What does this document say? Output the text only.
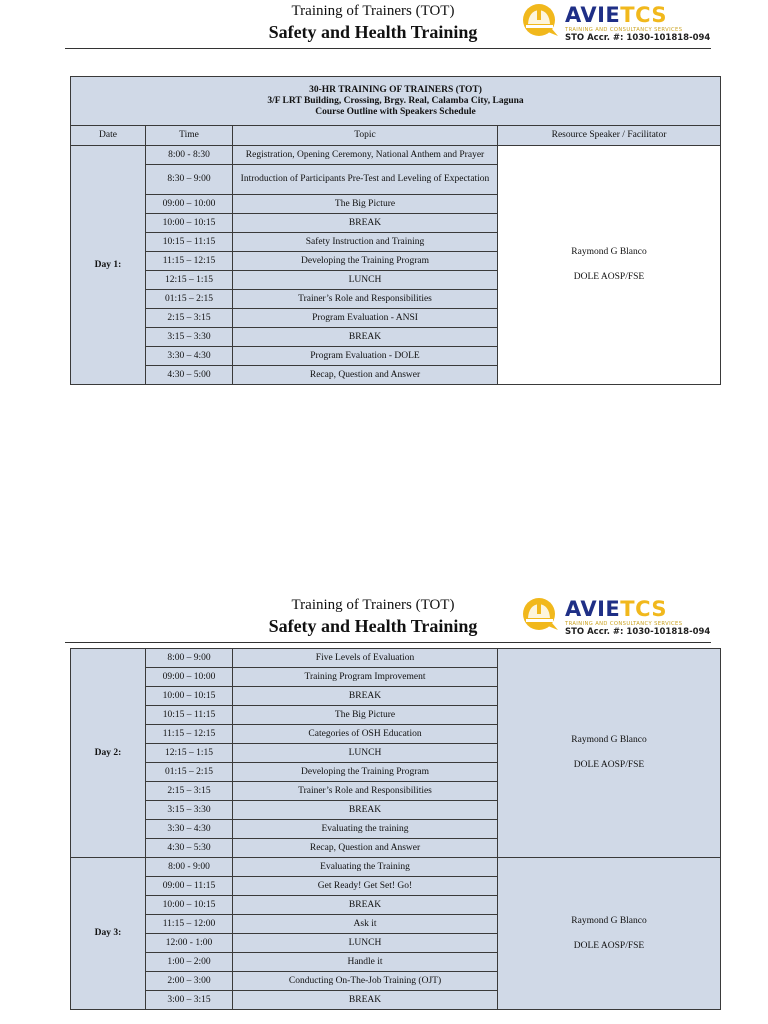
Training of Trainers (TOT)
Safety and Health Training
AVIETCS
TRAINING AND CONSULTANCY SERVICES
STO Accr. #: 1030-101818-094
30-HR TRAINING OF TRAINERS (TOT)
3/F LRT Building, Crossing, Brgy. Real, Calamba City, Laguna
Course Outline with Speakers Schedule			

Date	Time	Topic	Resource Speaker / Facilitator
Day 1:	8:00 - 8:30	Registration, Opening Ceremony, National Anthem and Prayer	Raymond G Blanco
DOLE AOSP/FSE
	8:30 – 9:00	Introduction of Participants Pre-Test and Leveling of Expectation	
	09:00 – 10:00	The Big Picture	
	10:00 – 10:15	BREAK	
	10:15 – 11:15	Safety Instruction and Training	
	11:15 – 12:15	Developing the Training Program	
	12:15 – 1:15	LUNCH	
	01:15 – 2:15	Trainer’s Role and Responsibilities	
	2:15 – 3:15	Program Evaluation - ANSI	
	3:15 – 3:30	BREAK	
	3:30 – 4:30	Program Evaluation - DOLE	
	4:30 – 5:00	Recap, Question and Answer	
Training of Trainers (TOT)
Safety and Health Training
AVIETCS
TRAINING AND CONSULTANCY SERVICES
STO Accr. #: 1030-101818-094
Day 2:	8:00 – 9:00	Five Levels of Evaluation	Raymond G Blanco
DOLE AOSP/FSE
	09:00 – 10:00	Training Program Improvement	
	10:00 – 10:15	BREAK	
	10:15 – 11:15	The Big Picture	
	11:15 – 12:15	Categories of OSH Education	
	12:15 – 1:15	LUNCH	
	01:15 – 2:15	Developing the Training Program	
	2:15 – 3:15	Trainer’s Role and Responsibilities	
	3:15 – 3:30	BREAK	
	3:30 – 4:30	Evaluating the training	
	4:30 – 5:30	Recap, Question and Answer	
Day 3:	8:00 - 9:00	Evaluating the Training	Raymond G Blanco
DOLE AOSP/FSE
	09:00 – 11:15	Get Ready! Get Set! Go!	
	10:00 – 10:15	BREAK	
	11:15 – 12:00	Ask it	
	12:00 - 1:00	LUNCH	
	1:00 – 2:00	Handle it	
	2:00 – 3:00	Conducting On-The-Job Training (OJT)	
	3:00 – 3:15	BREAK	
